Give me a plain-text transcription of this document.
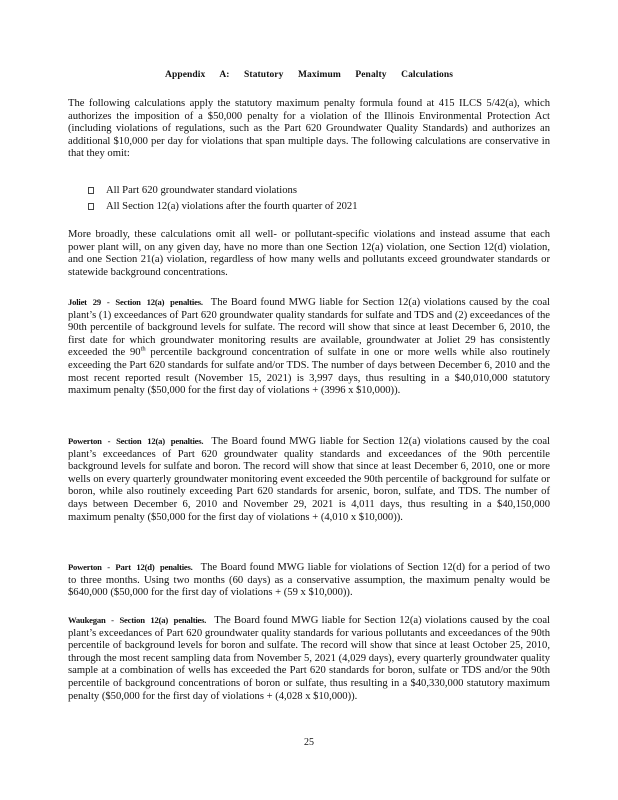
Appendix A: Statutory Maximum Penalty Calculations

The following calculations apply the statutory maximum penalty formula found at 415 ILCS 5/42(a), which authorizes the imposition of a $50,000 penalty for a violation of the Illinois Environmental Protection Act (including violations of regulations, such as the Part 620 Groundwater Quality Standards) and authorizes an additional $10,000 per day for violations that span multiple days. The following calculations are conservative in that they omit:

All Part 620 groundwater standard violations
All Section 12(a) violations after the fourth quarter of 2021

More broadly, these calculations omit all well- or pollutant-specific violations and instead assume that each power plant will, on any given day, have no more than one Section 12(a) violation, one Section 12(d) violation, and one Section 21(a) violation, regardless of how many wells and pollutants exceed groundwater standards or statewide background concentrations.

Joliet 29 - Section 12(a) penalties. The Board found MWG liable for Section 12(a) violations caused by the coal plant’s (1) exceedances of Part 620 groundwater quality standards for sulfate and TDS and (2) exceedances of the 90th percentile of background levels for sulfate. The record will show that since at least December 6, 2010, the first date for which groundwater monitoring results are available, groundwater at Joliet 29 has consistently exceeded the 90th percentile background concentration of sulfate in one or more wells while also routinely exceeding the Part 620 standards for sulfate and/or TDS. The number of days between December 6, 2010 and the most recent reported result (November 15, 2021) is 3,997 days, thus resulting in a $40,010,000 statutory maximum penalty ($50,000 for the first day of violations + (3996 x $10,000)).

Powerton - Section 12(a) penalties. The Board found MWG liable for Section 12(a) violations caused by the coal plant’s exceedances of Part 620 groundwater quality standards and exceedances of the 90th percentile background levels for sulfate and boron. The record will show that since at least December 6, 2010, one or more wells on every quarterly groundwater monitoring event exceeded the 90th percentile of background for sulfate or boron, while also routinely exceeding Part 620 standards for arsenic, boron, sulfate, and TDS. The number of days between December 6, 2010 and November 29, 2021 is 4,011 days, thus resulting in a $40,150,000 maximum penalty ($50,000 for the first day of violations + (4,010 x $10,000)).

Powerton - Part 12(d) penalties. The Board found MWG liable for violations of Section 12(d) for a period of two to three months. Using two months (60 days) as a conservative assumption, the maximum penalty would be $640,000 ($50,000 for the first day of violations + (59 x $10,000)).

Waukegan - Section 12(a) penalties. The Board found MWG liable for Section 12(a) violations caused by the coal plant’s exceedances of Part 620 groundwater quality standards for various pollutants and exceedances of the 90th percentile of background levels for boron and sulfate. The record will show that since at least October 25, 2010, through the most recent sampling data from November 5, 2021 (4,029 days), every quarterly groundwater quality sample at a combination of wells has exceeded the Part 620 standards for boron, sulfate or TDS and/or the 90th percentile of background concentrations of boron or sulfate, thus resulting in a $40,330,000 statutory maximum penalty ($50,000 for the first day of violations + (4,028 x $10,000)).

25
